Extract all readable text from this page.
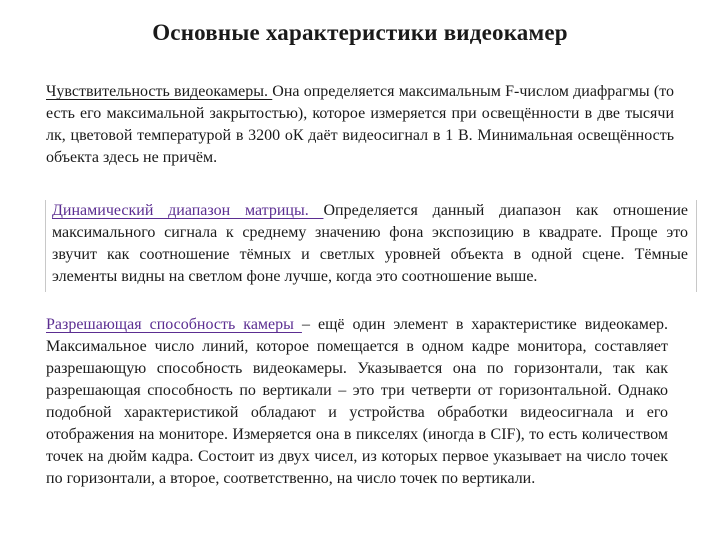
Основные характеристики видеокамер
Чувствительность видеокамеры. Она определяется максимальным F-числом диафрагмы (то есть его максимальной закрытостью), которое измеряется при освещённости в две тысячи лк, цветовой температурой в 3200 оК даёт видеосигнал в 1 В. Минимальная освещённость объекта здесь не причём.
Динамический диапазон матрицы. Определяется данный диапазон как отношение максимального сигнала к среднему значению фона экспозицию в квадрате. Проще это звучит как соотношение тёмных и светлых уровней объекта в одной сцене. Тёмные элементы видны на светлом фоне лучше, когда это соотношение выше.
Разрешающая способность камеры – ещё один элемент в характеристике видеокамер. Максимальное число линий, которое помещается в одном кадре монитора, составляет разрешающую способность видеокамеры. Указывается она по горизонтали, так как разрешающая способность по вертикали – это три четверти от горизонтальной. Однако подобной характеристикой обладают и устройства обработки видеосигнала и его отображения на мониторе. Измеряется она в пикселях (иногда в CIF), то есть количеством точек на дюйм кадра. Состоит из двух чисел, из которых первое указывает на число точек по горизонтали, а второе, соответственно, на число точек по вертикали.
